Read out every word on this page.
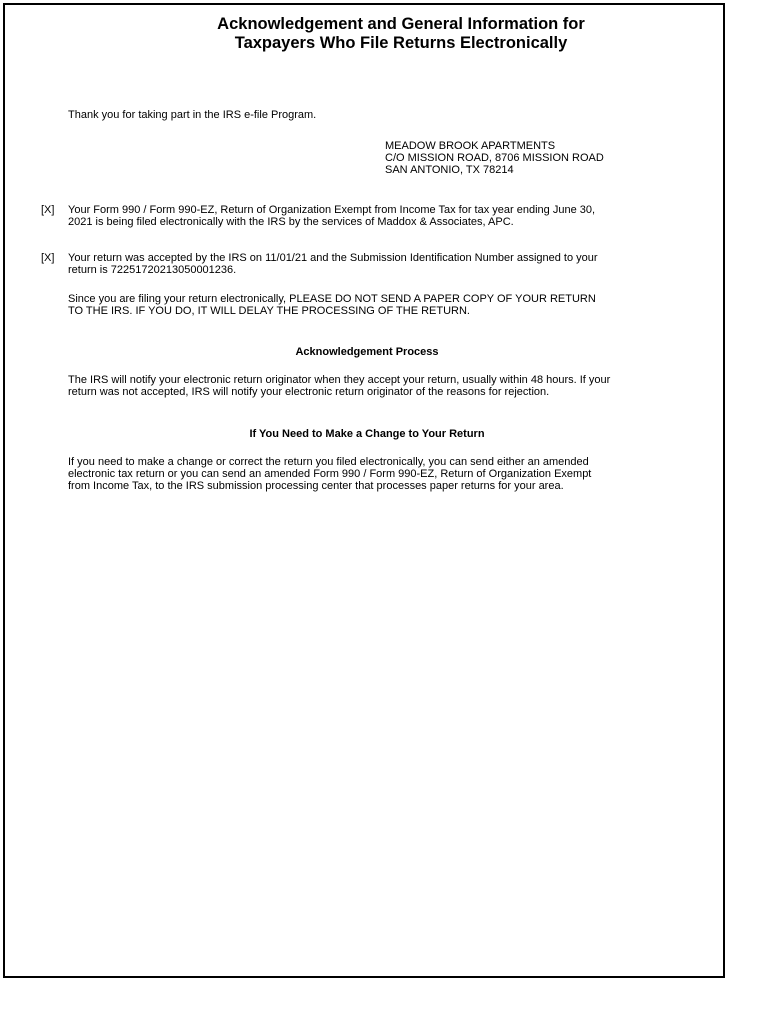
Acknowledgement and General Information for
Taxpayers Who File Returns Electronically
Thank you for taking part in the IRS e-file Program.
MEADOW BROOK APARTMENTS
C/O MISSION ROAD, 8706 MISSION ROAD
SAN ANTONIO, TX 78214
[X] Your Form 990 / Form 990-EZ, Return of Organization Exempt from Income Tax for tax year ending June 30, 2021 is being filed electronically with the IRS by the services of Maddox & Associates, APC.
[X] Your return was accepted by the IRS on 11/01/21 and the Submission Identification Number assigned to your return is 72251720213050001236.
Since you are filing your return electronically, PLEASE DO NOT SEND A PAPER COPY OF YOUR RETURN TO THE IRS. IF YOU DO, IT WILL DELAY THE PROCESSING OF THE RETURN.
Acknowledgement Process
The IRS will notify your electronic return originator when they accept your return, usually within 48 hours. If your return was not accepted, IRS will notify your electronic return originator of the reasons for rejection.
If You Need to Make a Change to Your Return
If you need to make a change or correct the return you filed electronically, you can send either an amended electronic tax return or you can send an amended Form 990 / Form 990-EZ, Return of Organization Exempt from Income Tax, to the IRS submission processing center that processes paper returns for your area.
